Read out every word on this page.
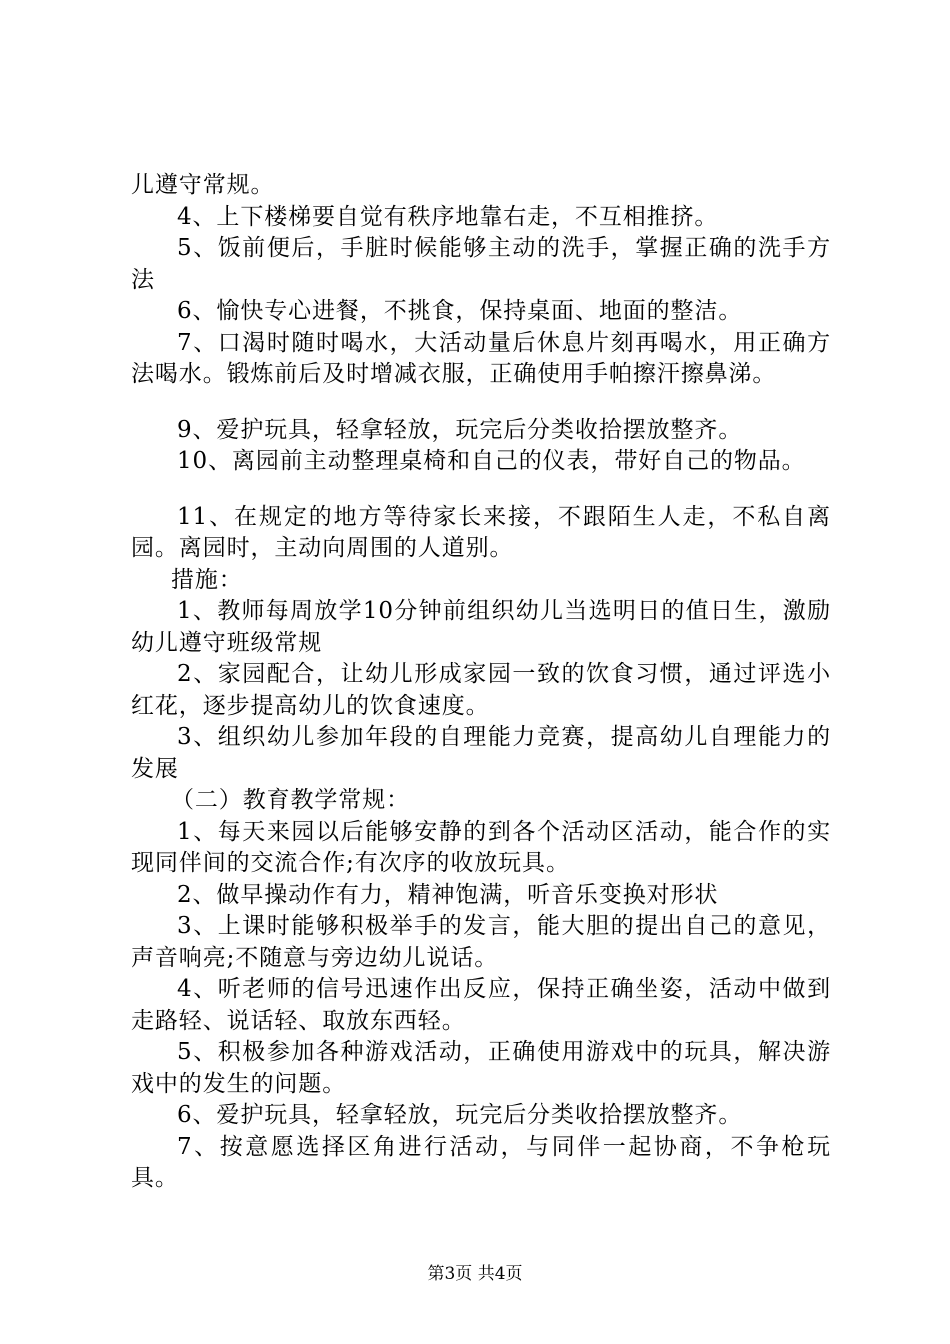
儿遵守常规。

4、上下楼梯要自觉有秩序地靠右走，不互相推挤。

5、饭前便后，手脏时候能够主动的洗手，掌握正确的洗手方法

6、愉快专心进餐，不挑食，保持桌面、地面的整洁。

7、口渴时随时喝水，大活动量后休息片刻再喝水，用正确方法喝水。锻炼前后及时增减衣服，正确使用手帕擦汗擦鼻涕。

9、爱护玩具，轻拿轻放，玩完后分类收拾摆放整齐。

10、离园前主动整理桌椅和自己的仪表，带好自己的物品。

11、在规定的地方等待家长来接，不跟陌生人走，不私自离园。离园时，主动向周围的人道别。

措施：

1、教师每周放学10分钟前组织幼儿当选明日的值日生，激励幼儿遵守班级常规

2、家园配合，让幼儿形成家园一致的饮食习惯，通过评选小红花，逐步提高幼儿的饮食速度。

3、组织幼儿参加年段的自理能力竞赛，提高幼儿自理能力的发展

（二）教育教学常规：

1、每天来园以后能够安静的到各个活动区活动，能合作的实现同伴间的交流合作;有次序的收放玩具。

2、做早操动作有力，精神饱满，听音乐变换对形状

3、上课时能够积极举手的发言，能大胆的提出自己的意见，声音响亮;不随意与旁边幼儿说话。

4、听老师的信号迅速作出反应，保持正确坐姿，活动中做到走路轻、说话轻、取放东西轻。

5、积极参加各种游戏活动，正确使用游戏中的玩具，解决游戏中的发生的问题。

6、爱护玩具，轻拿轻放，玩完后分类收拾摆放整齐。

7、按意愿选择区角进行活动，与同伴一起协商，不争枪玩具。

第3页 共4页
